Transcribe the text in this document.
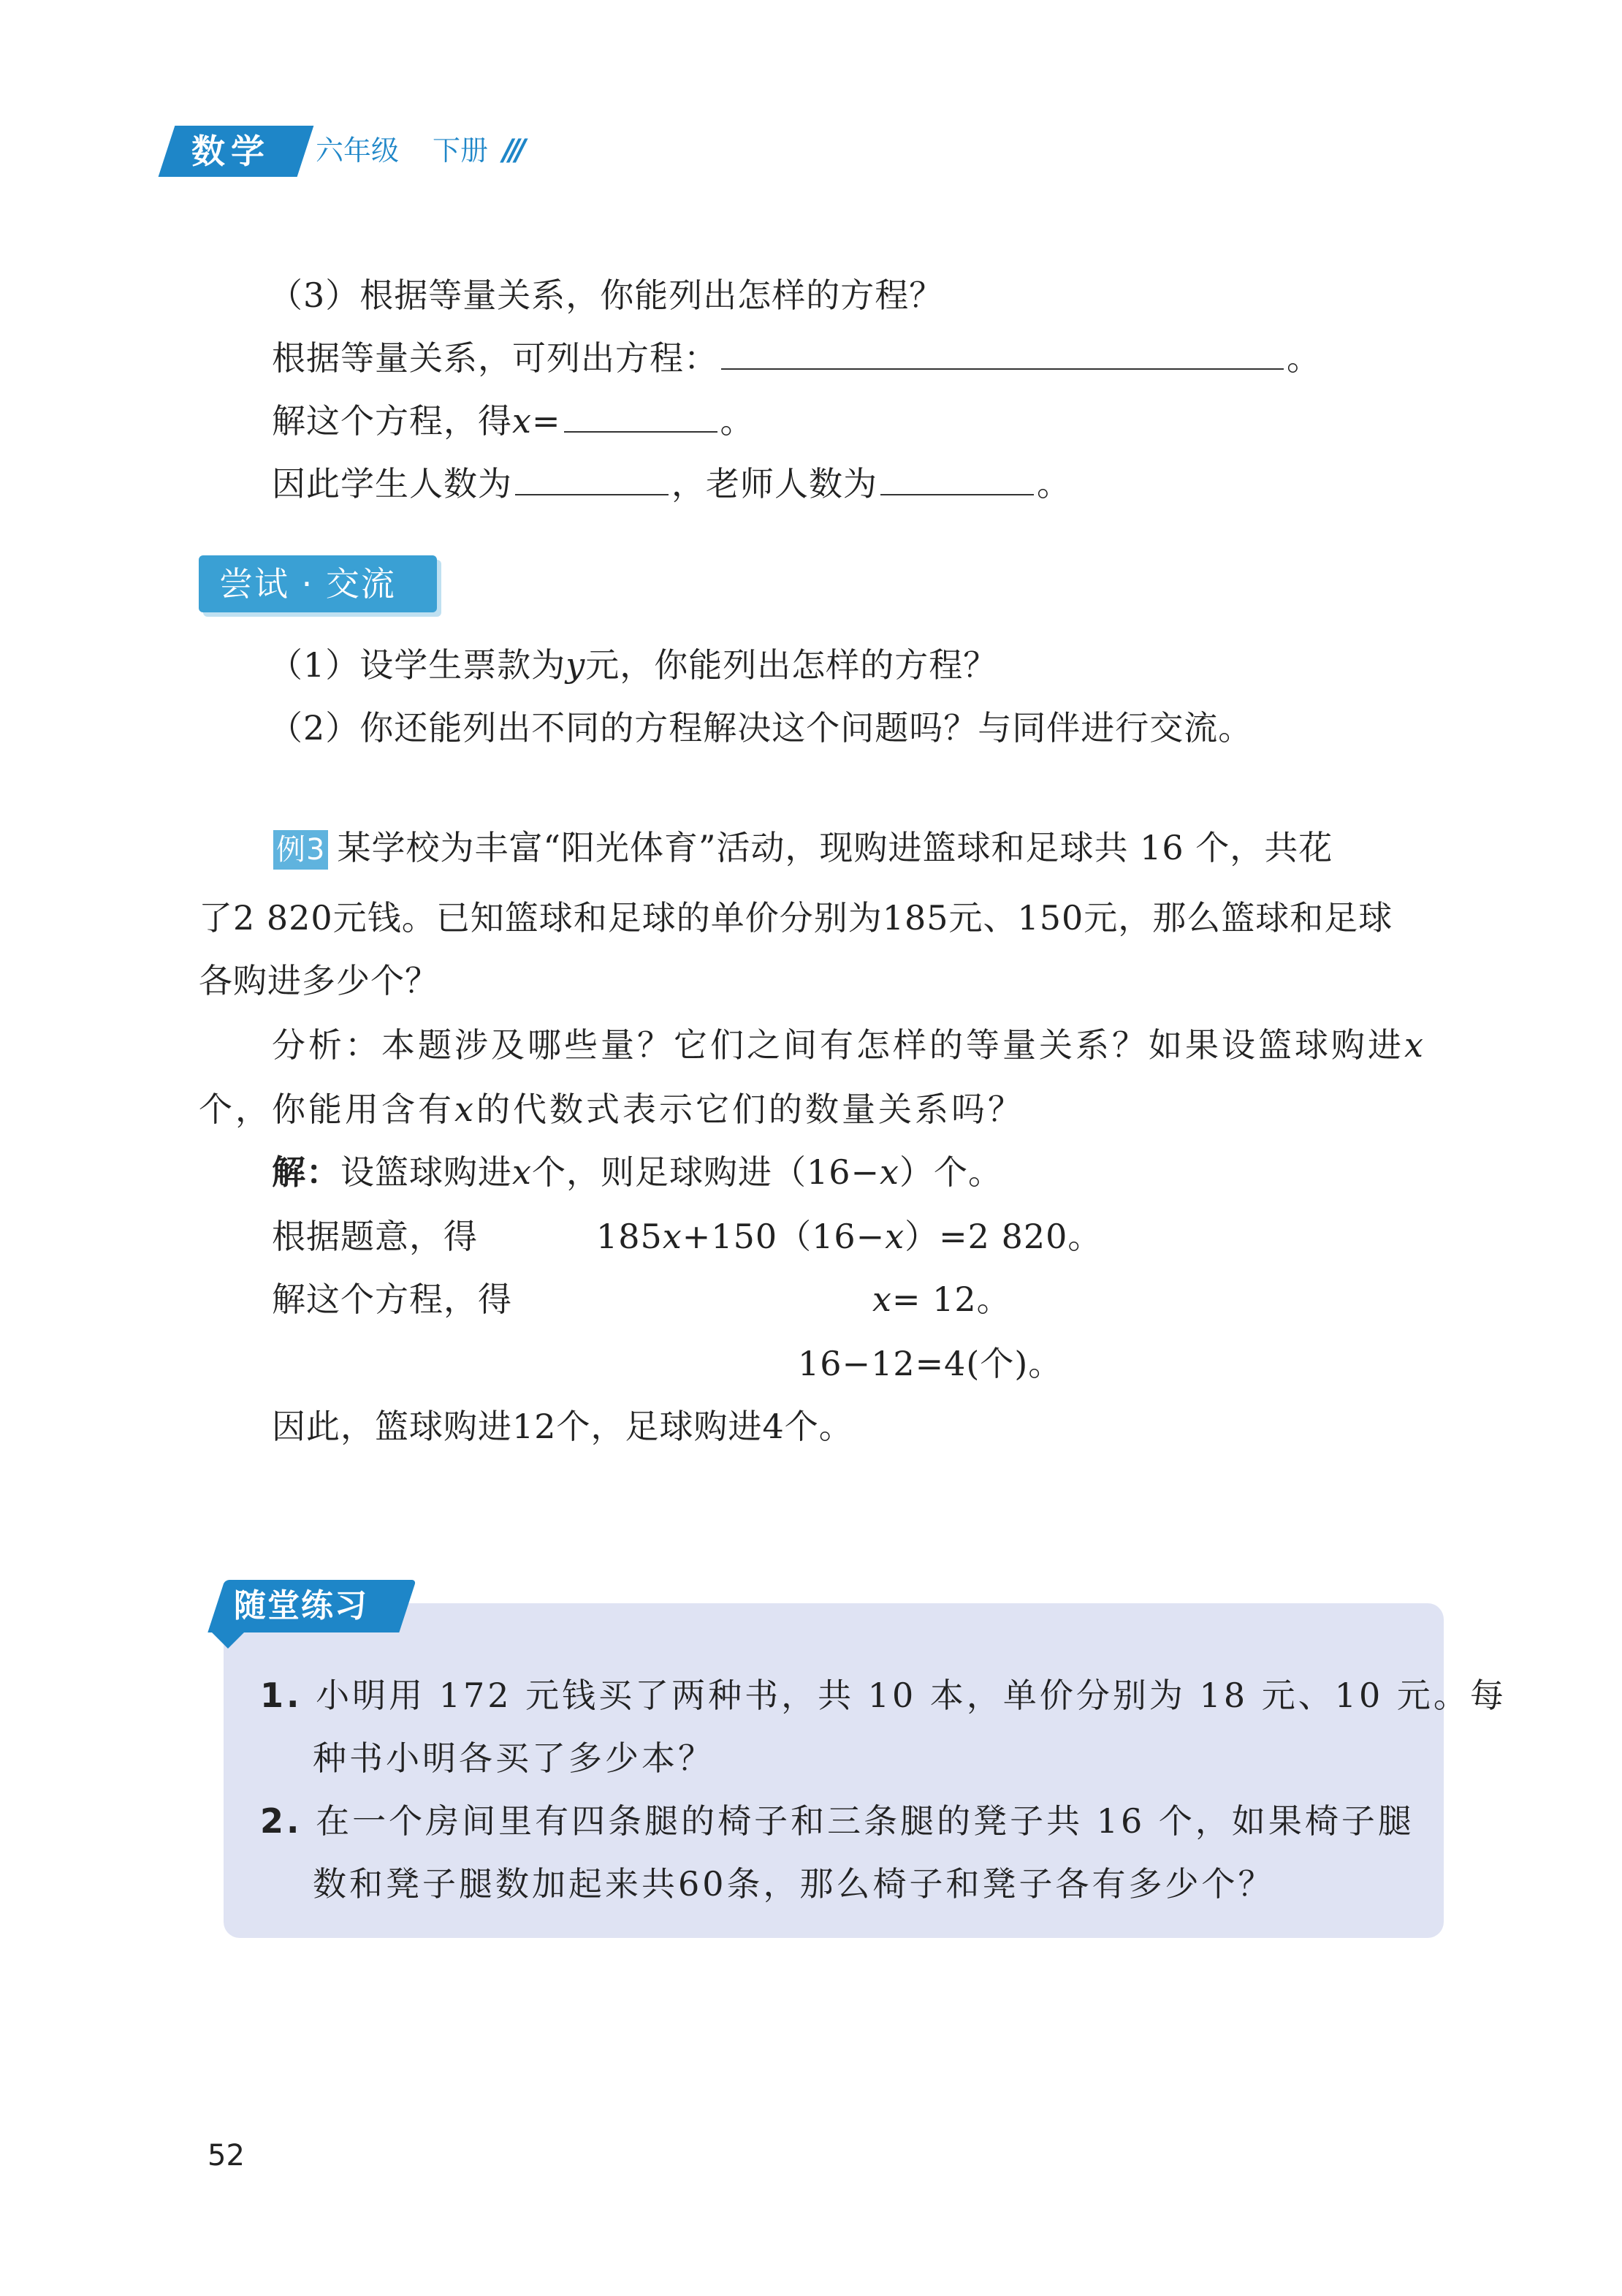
数学 六年级 下册 ///
（3）根据等量关系，你能列出怎样的方程？
根据等量关系，可列出方程：	。
解这个方程，得x=	。
因此学生人数为	，老师人数为	。
尝试 · 交流
（1）设学生票款为y元，你能列出怎样的方程？
（2）你还能列出不同的方程解决这个问题吗？与同伴进行交流。
例3 某学校为丰富“阳光体育”活动，现购进篮球和足球共 16 个，共花
了2 820元钱。已知篮球和足球的单价分别为185元、150元，那么篮球和足球
各购进多少个？
分析：本题涉及哪些量？它们之间有怎样的等量关系？如果设篮球购进x
个，你能用含有x的代数式表示它们的数量关系吗？
解：设篮球购进x个，则足球购进（16−x）个。
根据题意，得	185x+150（16−x）=2 820。
解这个方程，得	x= 12。
16−12=4(个)。
因此，篮球购进12个，足球购进4个。
随堂练习
1. 小明用 172 元钱买了两种书，共 10 本，单价分别为 18 元、10 元。每
种书小明各买了多少本？
2. 在一个房间里有四条腿的椅子和三条腿的凳子共 16 个，如果椅子腿
数和凳子腿数加起来共60条，那么椅子和凳子各有多少个？
52
